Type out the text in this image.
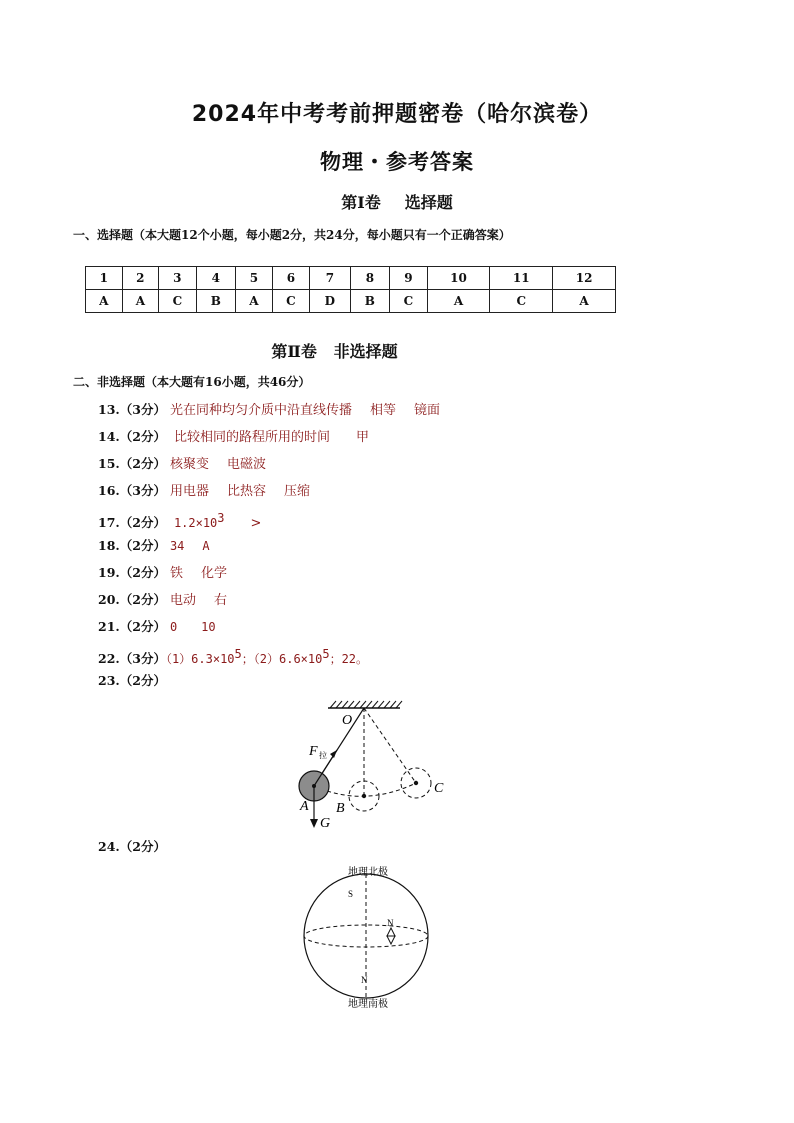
2024年中考考前押题密卷（哈尔滨卷）
物理・参考答案
第Ⅰ卷 选择题
一、选择题（本大题12个小题，每小题2分，共24分，每小题只有一个正确答案）
1	2	3	4	5	6	7	8	9	10	11	12
A	A	C	B	A	C	D	B	C	A	C	A
第Ⅱ卷 非选择题
二、非选择题（本大题有16小题，共46分）
13.（3分） 光在同种均匀介质中沿直线传播 相等 镜面
14.（2分） 比较相同的路程所用的时间 甲
15.（2分） 核聚变 电磁波
16.（3分） 用电器 比热容 压缩
17.（2分） $1.2\times 10^3$ >
18.（2分） 34 A
19.（2分） 铁 化学
20.（2分） 电动 右
21.（2分） 0 10
22.（3分）$(1)6.3\times 10^5$；$(2)6.6\times 10^5$；22。
23.（2分）
O
F 拉
A B
C
G
24.（2分）
地理北极
S
N
N
地理南极
